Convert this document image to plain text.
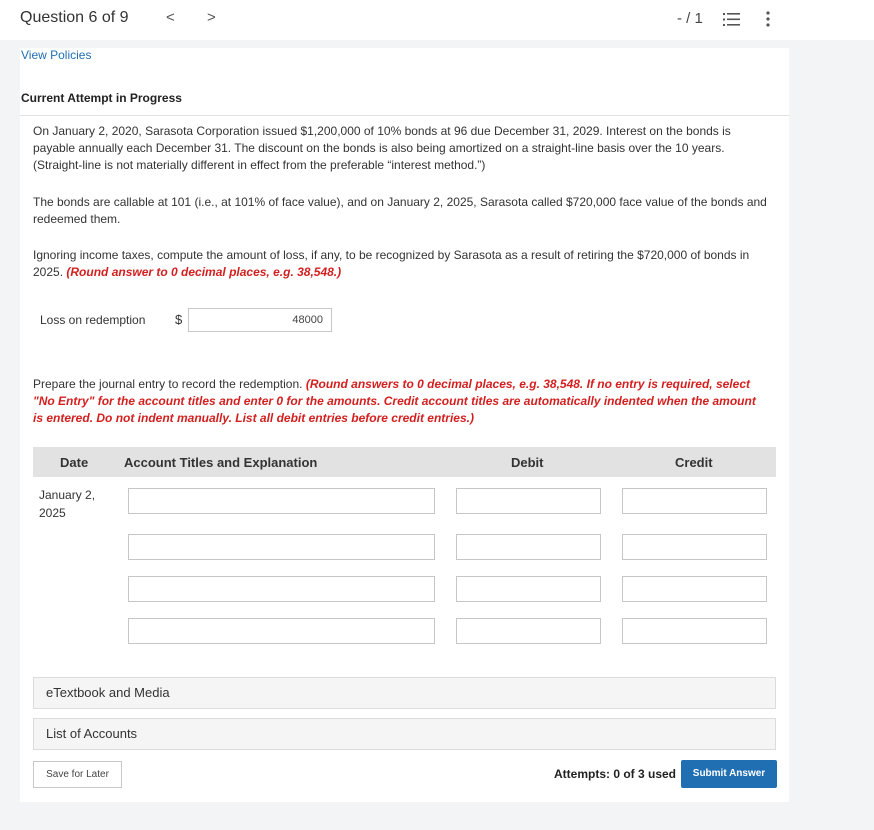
Question 6 of 9 < >	- / 1
View Policies
Current Attempt in Progress
On January 2, 2020, Sarasota Corporation issued $1,200,000 of 10% bonds at 96 due December 31, 2029. Interest on the bonds is payable annually each December 31. The discount on the bonds is also being amortized on a straight-line basis over the 10 years. (Straight-line is not materially different in effect from the preferable “interest method.”)
The bonds are callable at 101 (i.e., at 101% of face value), and on January 2, 2025, Sarasota called $720,000 face value of the bonds and redeemed them.
Ignoring income taxes, compute the amount of loss, if any, to be recognized by Sarasota as a result of retiring the $720,000 of bonds in 2025. (Round answer to 0 decimal places, e.g. 38,548.)
Loss on redemption $	48000
Prepare the journal entry to record the redemption. (Round answers to 0 decimal places, e.g. 38,548. If no entry is required, select "No Entry" for the account titles and enter 0 for the amounts. Credit account titles are automatically indented when the amount is entered. Do not indent manually. List all debit entries before credit entries.)
Date	Account Titles and Explanation	Debit	Credit
January 2,
2025
eTextbook and Media
List of Accounts
Save for Later	Attempts: 0 of 3 used	Submit Answer
